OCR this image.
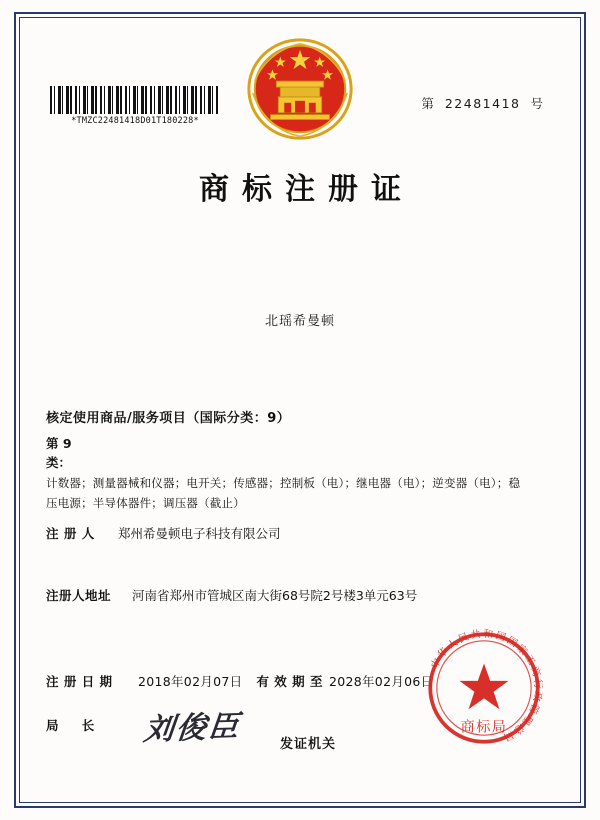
*TMZC22481418D01T180228*
第 22481418 号
商标注册证
北瑶希曼顿
核定使用商品/服务项目（国际分类：9）
第 9 类：计数器；测量器械和仪器；电开关；传感器；控制板（电）；继电器（电）；逆变器（电）；稳压电源；半导体器件；调压器（截止）
注 册 人 郑州希曼顿电子科技有限公司
注册人地址 河南省郑州市管城区南大街68号院2号楼3单元63号
注 册 日 期 2018年02月07日 有 效 期 至 2028年02月06日
局 　 长 刘俊臣	发证机关
中华人民共和国国家工商行政管理总局
商标局
